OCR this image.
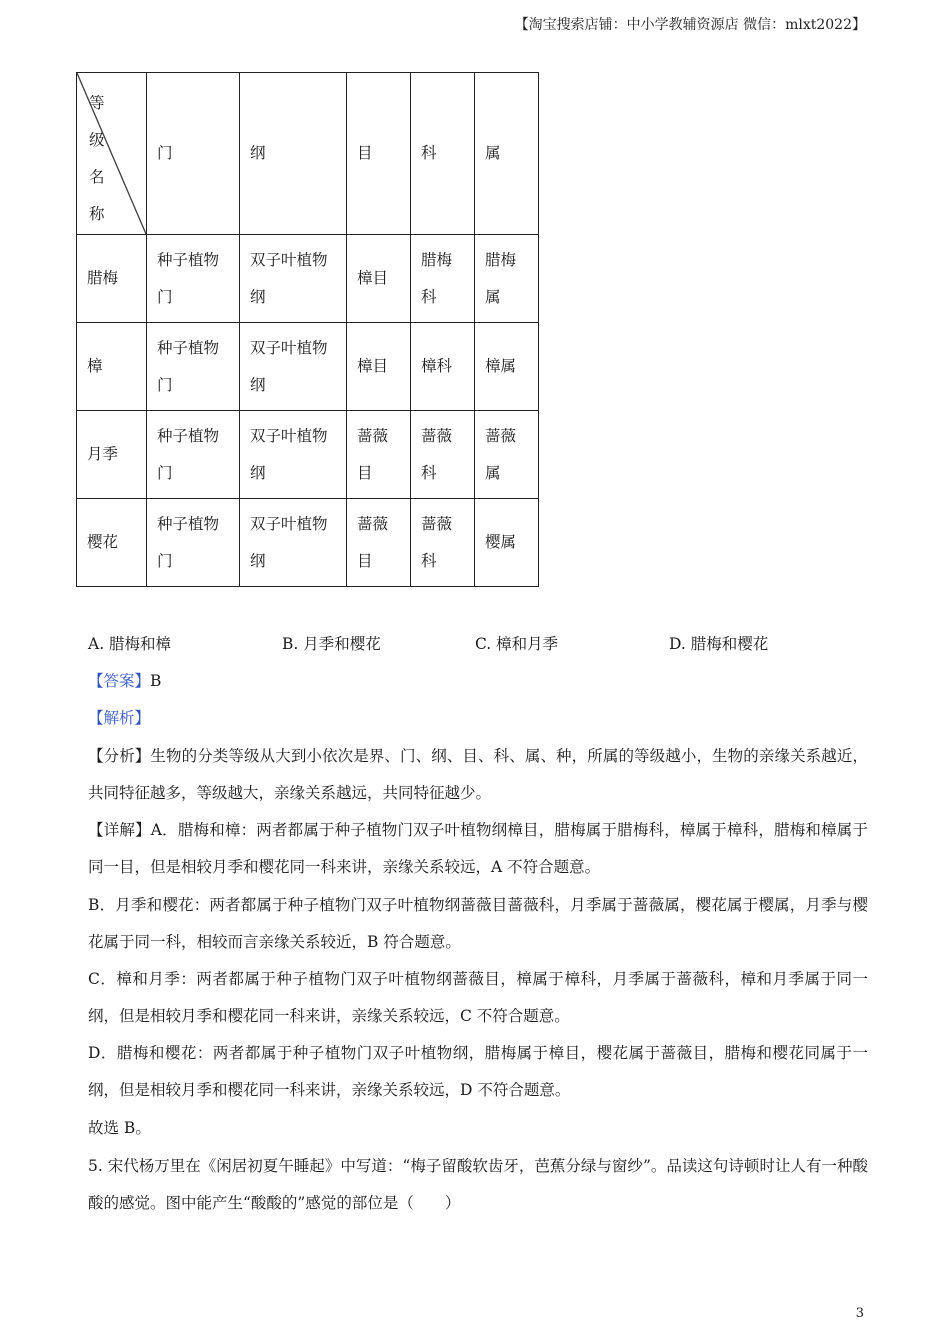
【淘宝搜索店铺：中小学教辅资源店 微信：mlxt2022】
等级名称	门	纲	目	科	属
腊梅	种子植物门	双子叶植物纲	樟目	腊梅科	腊梅属
樟	种子植物门	双子叶植物纲	樟目	樟科	樟属
月季	种子植物门	双子叶植物纲	蔷薇目	蔷薇科	蔷薇属
樱花	种子植物门	双子叶植物纲	蔷薇目	蔷薇科	樱属
A. 腊梅和樟	B. 月季和樱花	C. 樟和月季	D. 腊梅和樱花
【答案】B
【解析】
【分析】生物的分类等级从大到小依次是界、门、纲、目、科、属、种，所属的等级越小，生物的亲缘关系越近，共同特征越多，等级越大，亲缘关系越远，共同特征越少。
【详解】A．腊梅和樟：两者都属于种子植物门双子叶植物纲樟目，腊梅属于腊梅科，樟属于樟科，腊梅和樟属于同一目，但是相较月季和樱花同一科来讲，亲缘关系较远，A 不符合题意。
B．月季和樱花：两者都属于种子植物门双子叶植物纲蔷薇目蔷薇科，月季属于蔷薇属，樱花属于樱属，月季与樱花属于同一科，相较而言亲缘关系较近，B 符合题意。
C．樟和月季：两者都属于种子植物门双子叶植物纲蔷薇目，樟属于樟科，月季属于蔷薇科，樟和月季属于同一纲，但是相较月季和樱花同一科来讲，亲缘关系较远，C 不符合题意。
D．腊梅和樱花：两者都属于种子植物门双子叶植物纲，腊梅属于樟目，樱花属于蔷薇目，腊梅和樱花同属于一纲，但是相较月季和樱花同一科来讲，亲缘关系较远，D 不符合题意。
故选 B。
5. 宋代杨万里在《闲居初夏午睡起》中写道：“梅子留酸软齿牙，芭蕉分绿与窗纱”。品读这句诗顿时让人有一种酸酸的感觉。图中能产生“酸酸的”感觉的部位是（　　）
3
